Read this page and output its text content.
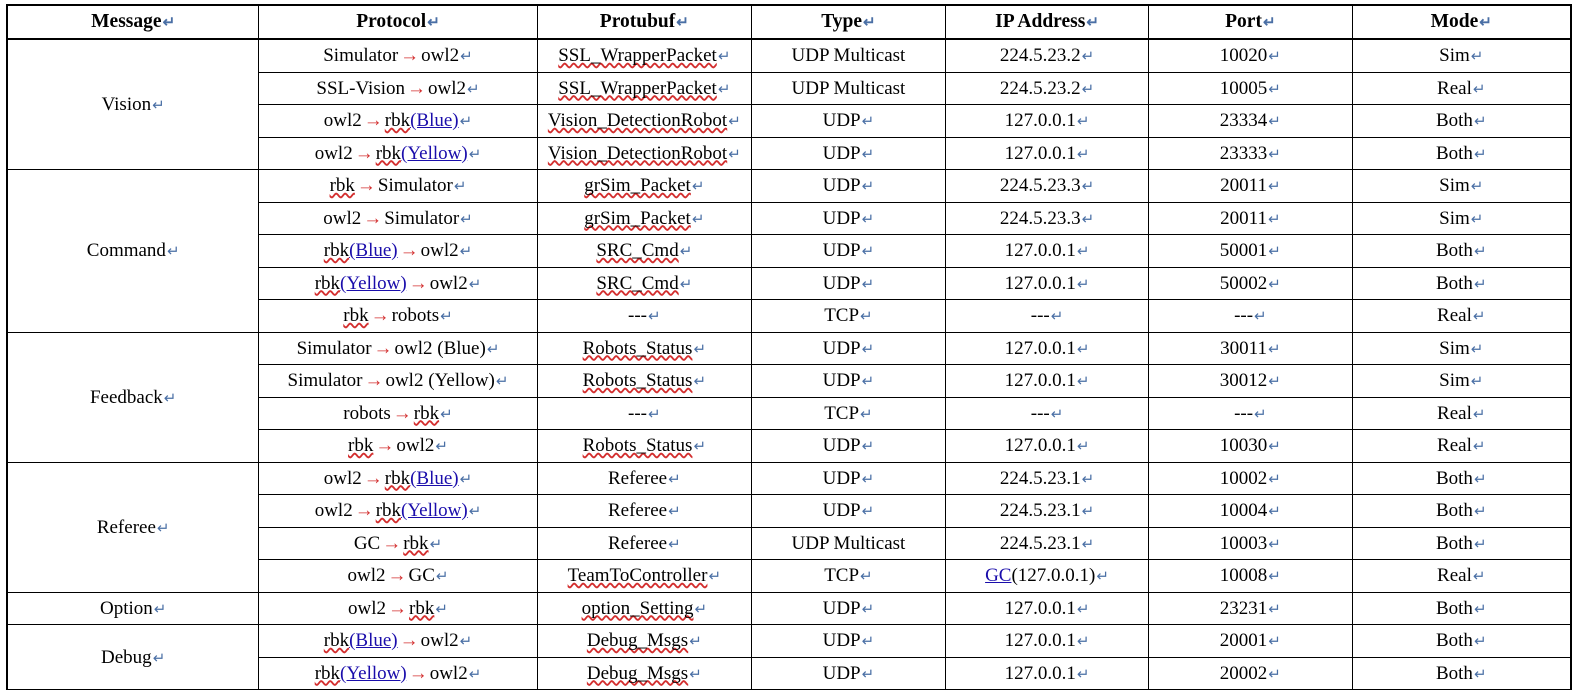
Message↵	Protocol↵	Protubuf↵	Type↵	IP Address↵	Port↵	Mode↵
Vision↵	Simulator → owl2↵	SSL_WrapperPacket↵	UDP Multicast	224.5.23.2↵	10020↵	Sim↵
	SSL-Vision → owl2↵	SSL_WrapperPacket↵	UDP Multicast	224.5.23.2↵	10005↵	Real↵
	owl2 → rbk(Blue)↵	Vision_DetectionRobot↵	UDP↵	127.0.0.1↵	23334↵	Both↵
	owl2 → rbk(Yellow)↵	Vision_DetectionRobot↵	UDP↵	127.0.0.1↵	23333↵	Both↵
Command↵	rbk → Simulator↵	grSim_Packet↵	UDP↵	224.5.23.3↵	20011↵	Sim↵
	owl2 → Simulator↵	grSim_Packet↵	UDP↵	224.5.23.3↵	20011↵	Sim↵
	rbk(Blue) → owl2↵	SRC_Cmd↵	UDP↵	127.0.0.1↵	50001↵	Both↵
	rbk(Yellow) → owl2↵	SRC_Cmd↵	UDP↵	127.0.0.1↵	50002↵	Both↵
	rbk → robots↵	---↵	TCP↵	---↵	---↵	Real↵
Feedback↵	Simulator → owl2 (Blue)↵	Robots_Status↵	UDP↵	127.0.0.1↵	30011↵	Sim↵
	Simulator → owl2 (Yellow)↵	Robots_Status↵	UDP↵	127.0.0.1↵	30012↵	Sim↵
	robots → rbk↵	---↵	TCP↵	---↵	---↵	Real↵
	rbk → owl2↵	Robots_Status↵	UDP↵	127.0.0.1↵	10030↵	Real↵
Referee↵	owl2 → rbk(Blue)↵	Referee↵	UDP↵	224.5.23.1↵	10002↵	Both↵
	owl2 → rbk(Yellow)↵	Referee↵	UDP↵	224.5.23.1↵	10004↵	Both↵
	GC → rbk↵	Referee↵	UDP Multicast	224.5.23.1↵	10003↵	Both↵
	owl2 → GC↵	TeamToController↵	TCP↵	GC(127.0.0.1)↵	10008↵	Real↵
Option↵	owl2 → rbk↵	option_Setting↵	UDP↵	127.0.0.1↵	23231↵	Both↵
Debug↵	rbk(Blue) → owl2↵	Debug_Msgs↵	UDP↵	127.0.0.1↵	20001↵	Both↵
	rbk(Yellow) → owl2↵	Debug_Msgs↵	UDP↵	127.0.0.1↵	20002↵	Both↵
